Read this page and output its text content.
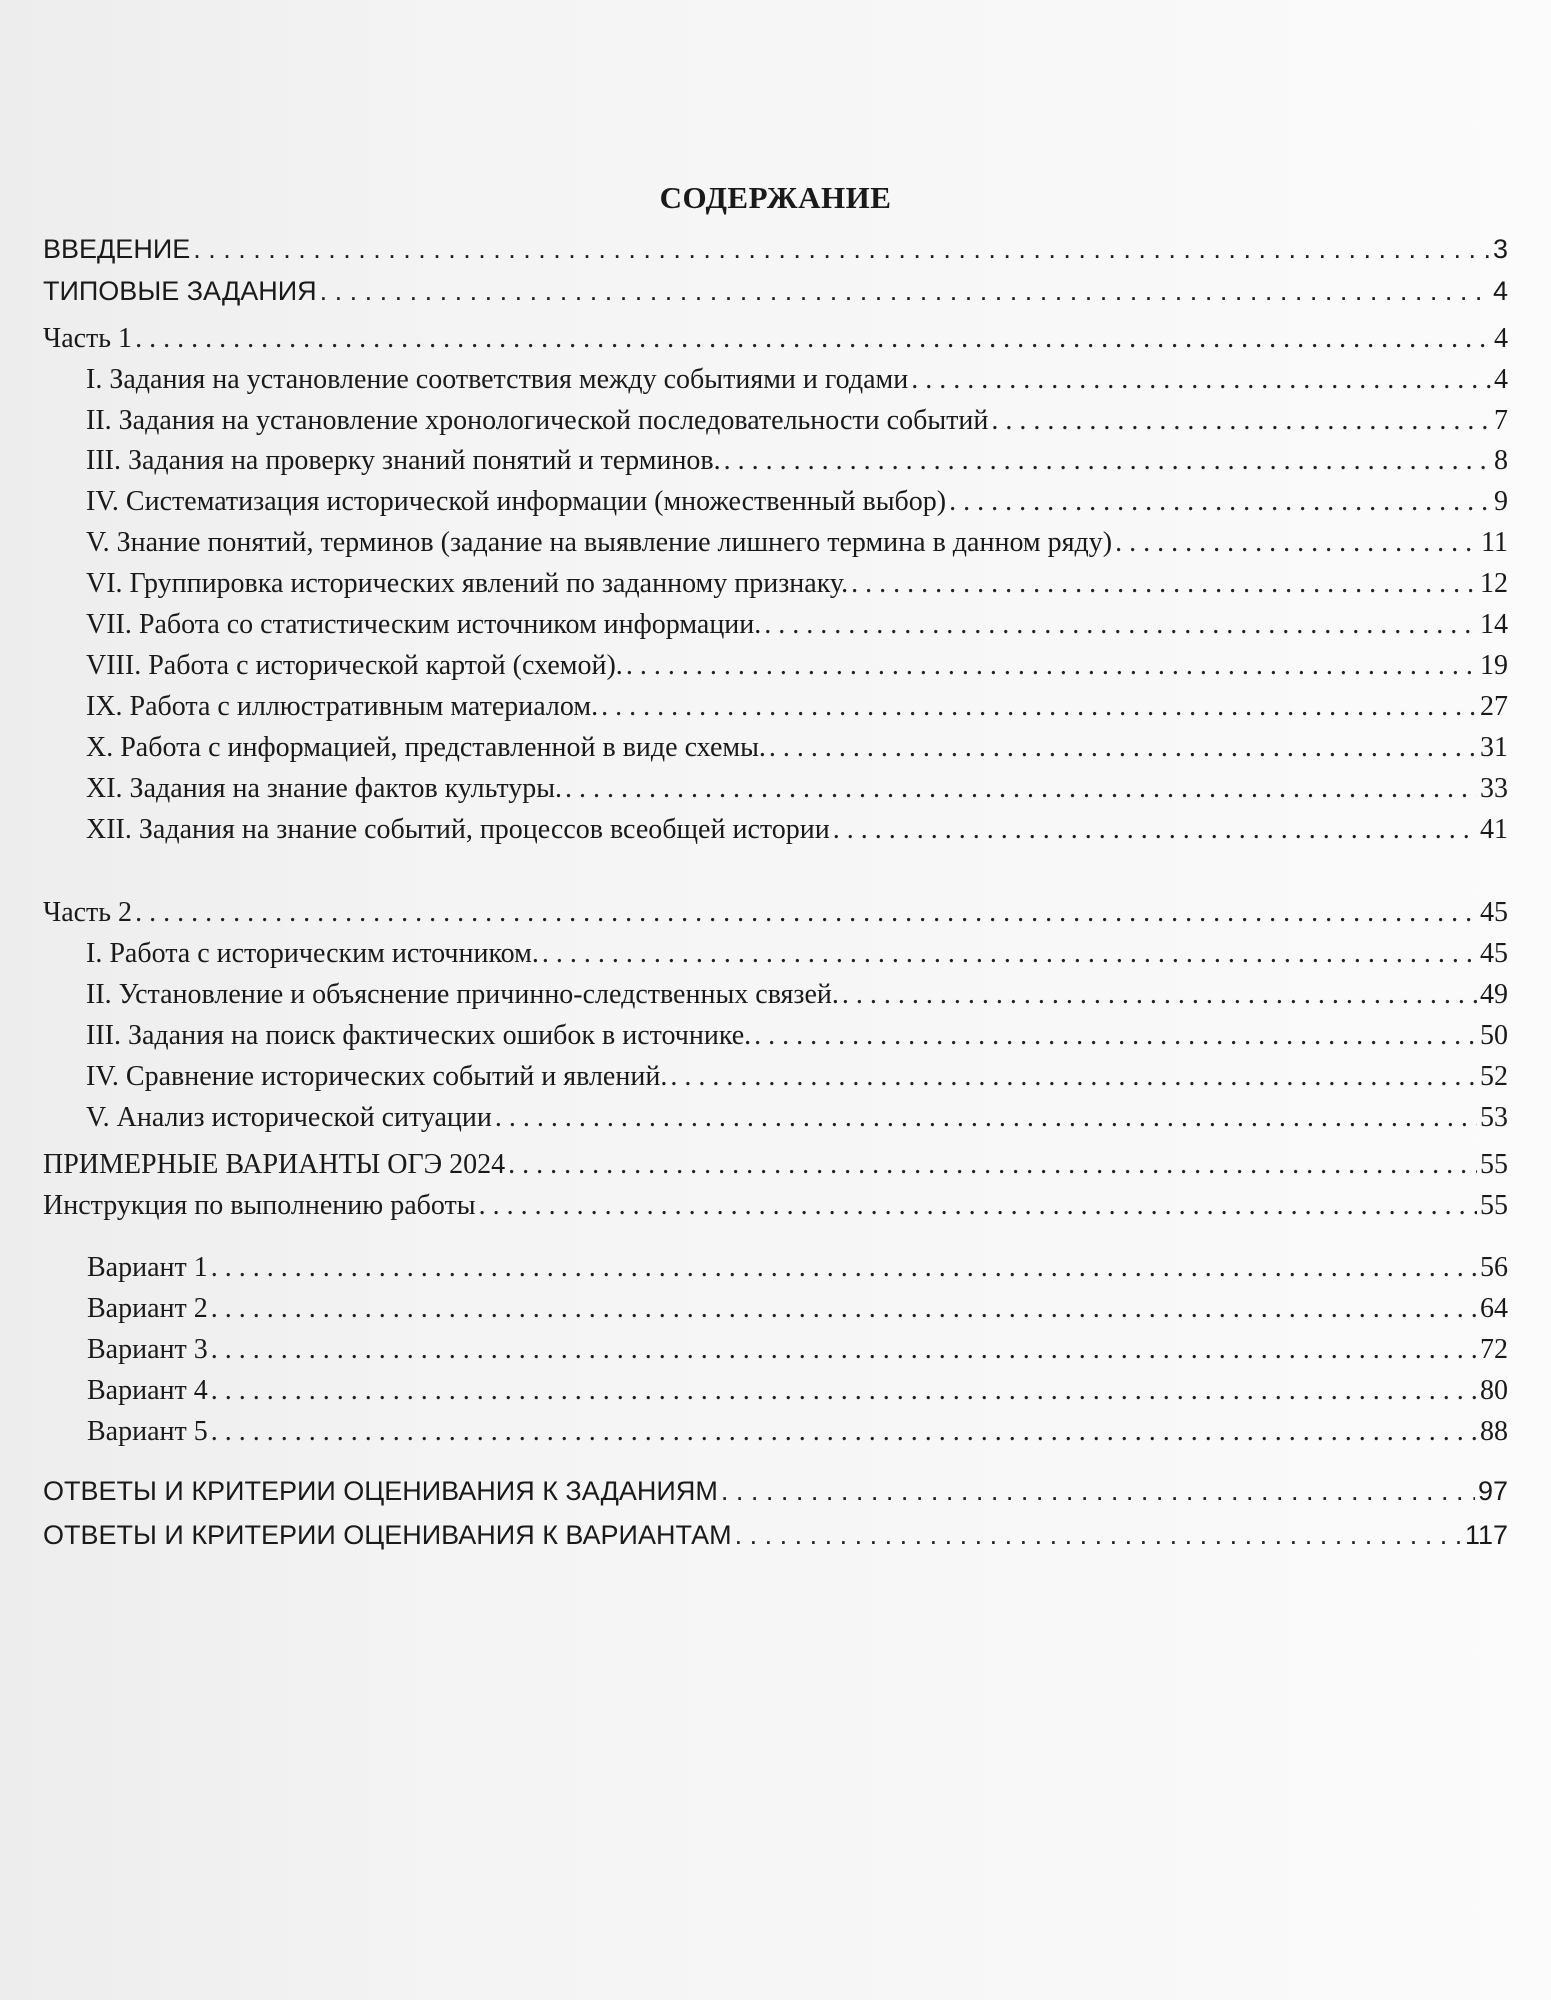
СОДЕРЖАНИЕ
ВВЕДЕНИЕ . . .	3
ТИПОВЫЕ ЗАДАНИЯ . . .	4
Часть 1 . . .	4
I. Задания на установление соответствия между событиями и годами . . .	4
II. Задания на установление хронологической последовательности событий . . .	7
III. Задания на проверку знаний понятий и терминов. . . .	8
IV. Систематизация исторической информации (множественный выбор) . . .	9
V. Знание понятий, терминов (задание на выявление лишнего термина в данном ряду) . . .	11
VI. Группировка исторических явлений по заданному признаку. . . .	12
VII. Работа со статистическим источником информации. . . .	14
VIII. Работа с исторической картой (схемой). . . .	19
IX. Работа с иллюстративным материалом. . . .	27
X. Работа с информацией, представленной в виде схемы. . . .	31
XI. Задания на знание фактов культуры. . . .	33
XII. Задания на знание событий, процессов всеобщей истории . . .	41
Часть 2 . . .	45
I. Работа с историческим источником. . . .	45
II. Установление и объяснение причинно-следственных связей. . . .	49
III. Задания на поиск фактических ошибок в источнике. . . .	50
IV. Сравнение исторических событий и явлений. . . .	52
V. Анализ исторической ситуации . . .	53
ПРИМЕРНЫЕ ВАРИАНТЫ ОГЭ 2024 . . .	55
Инструкция по выполнению работы . . .	55
Вариант 1 . . .	56
Вариант 2 . . .	64
Вариант 3 . . .	72
Вариант 4 . . .	80
Вариант 5 . . .	88
ОТВЕТЫ И КРИТЕРИИ ОЦЕНИВАНИЯ К ЗАДАНИЯМ . . .	97
ОТВЕТЫ И КРИТЕРИИ ОЦЕНИВАНИЯ К ВАРИАНТАМ . . .	117
